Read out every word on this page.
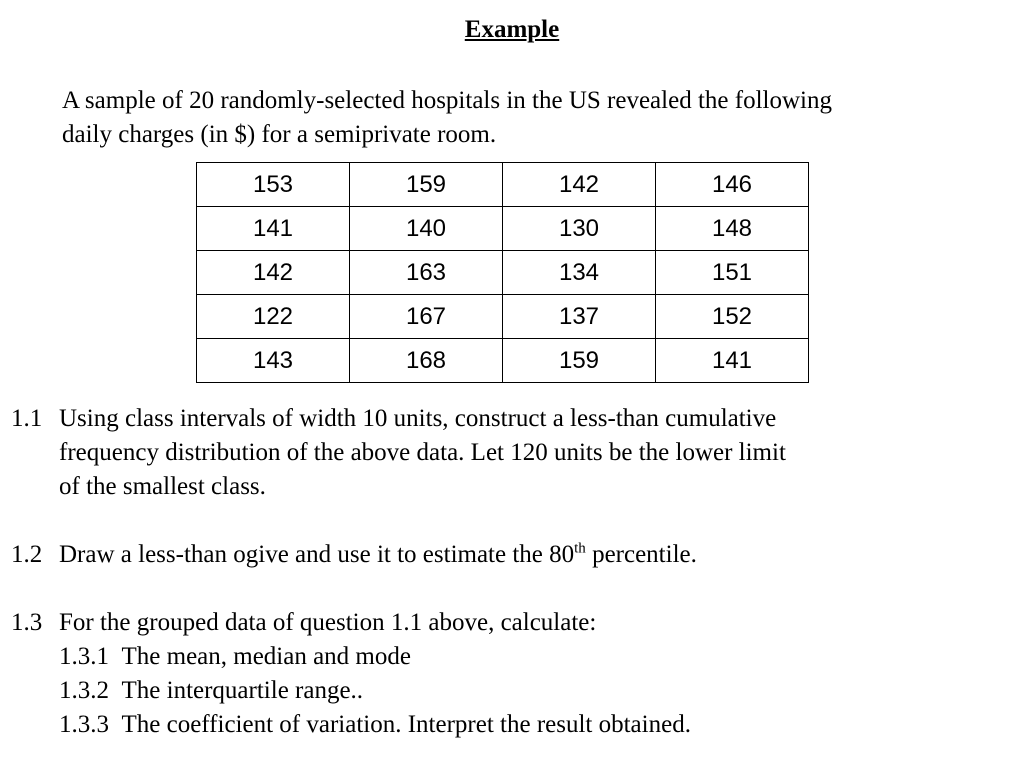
Example
A sample of 20 randomly-selected hospitals in the US revealed the following
daily charges (in $) for a semiprivate room.
153	159	142	146
141	140	130	148
142	163	134	151
122	167	137	152
143	168	159	141
1.1 Using class intervals of width 10 units, construct a less-than cumulative
frequency distribution of the above data. Let 120 units be the lower limit
of the smallest class.
1.2 Draw a less-than ogive and use it to estimate the 80th percentile.
1.3 For the grouped data of question 1.1 above, calculate:
1.3.1 The mean, median and mode
1.3.2 The interquartile range..
1.3.3 The coefficient of variation. Interpret the result obtained.
